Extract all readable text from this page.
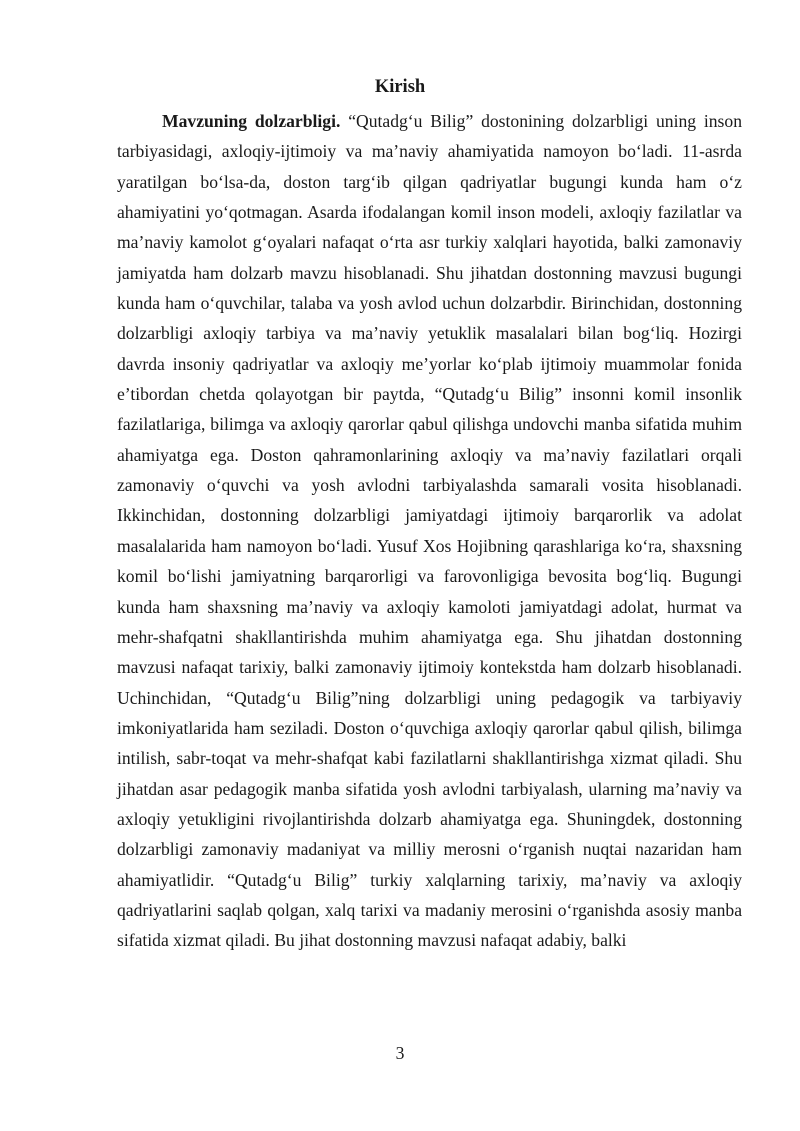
Kirish

Mavzuning dolzarbligi. “Qutadg‘u Bilig” dostonining dolzarbligi uning inson tarbiyasidagi, axloqiy-ijtimoiy va ma’naviy ahamiyatida namoyon bo‘ladi. 11-asrda yaratilgan bo‘lsa-da, doston targ‘ib qilgan qadriyatlar bugungi kunda ham o‘z ahamiyatini yo‘qotmagan. Asarda ifodalangan komil inson modeli, axloqiy fazilatlar va ma’naviy kamolot g‘oyalari nafaqat o‘rta asr turkiy xalqlari hayotida, balki zamonaviy jamiyatda ham dolzarb mavzu hisoblanadi. Shu jihatdan dostonning mavzusi bugungi kunda ham o‘quvchilar, talaba va yosh avlod uchun dolzarbdir. Birinchidan, dostonning dolzarbligi axloqiy tarbiya va ma’naviy yetuklik masalalari bilan bog‘liq. Hozirgi davrda insoniy qadriyatlar va axloqiy me’yorlar ko‘plab ijtimoiy muammolar fonida e’tibordan chetda qolayotgan bir paytda, “Qutadg‘u Bilig” insonni komil insonlik fazilatlariga, bilimga va axloqiy qarorlar qabul qilishga undovchi manba sifatida muhim ahamiyatga ega. Doston qahramonlarining axloqiy va ma’naviy fazilatlari orqali zamonaviy o‘quvchi va yosh avlodni tarbiyalashda samarali vosita hisoblanadi. Ikkinchidan, dostonning dolzarbligi jamiyatdagi ijtimoiy barqarorlik va adolat masalalarida ham namoyon bo‘ladi. Yusuf Xos Hojibning qarashlariga ko‘ra, shaxsning komil bo‘lishi jamiyatning barqarorligi va farovonligiga bevosita bog‘liq. Bugungi kunda ham shaxsning ma’naviy va axloqiy kamoloti jamiyatdagi adolat, hurmat va mehr-shafqatni shakllantirishda muhim ahamiyatga ega. Shu jihatdan dostonning mavzusi nafaqat tarixiy, balki zamonaviy ijtimoiy kontekstda ham dolzarb hisoblanadi. Uchinchidan, “Qutadg‘u Bilig”ning dolzarbligi uning pedagogik va tarbiyaviy imkoniyatlarida ham seziladi. Doston o‘quvchiga axloqiy qarorlar qabul qilish, bilimga intilish, sabr-toqat va mehr-shafqat kabi fazilatlarni shakllantirishga xizmat qiladi. Shu jihatdan asar pedagogik manba sifatida yosh avlodni tarbiyalash, ularning ma’naviy va axloqiy yetukligini rivojlantirishda dolzarb ahamiyatga ega. Shuningdek, dostonning dolzarbligi zamonaviy madaniyat va milliy merosni o‘rganish nuqtai nazaridan ham ahamiyatlidir. “Qutadg‘u Bilig” turkiy xalqlarning tarixiy, ma’naviy va axloqiy qadriyatlarini saqlab qolgan, xalq tarixi va madaniy merosini o‘rganishda asosiy manba sifatida xizmat qiladi. Bu jihat dostonning mavzusi nafaqat adabiy, balki

3
